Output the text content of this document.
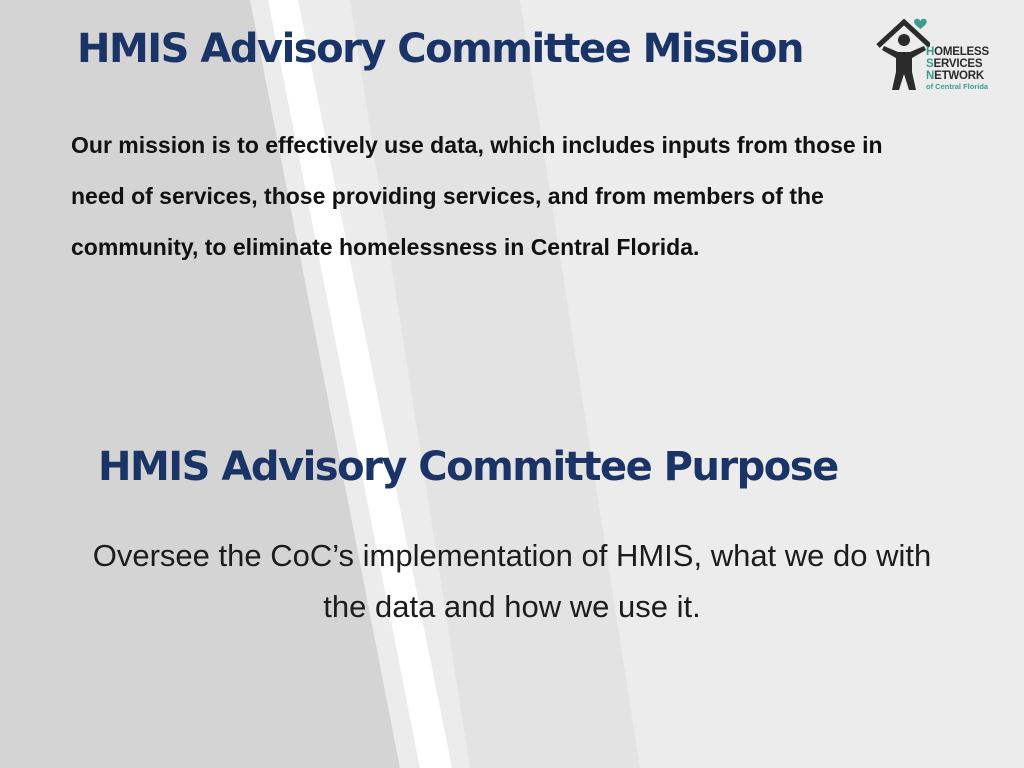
HMIS Advisory Committee Mission

Our mission is to effectively use data, which includes inputs from those in need of services, those providing services, and from members of the community, to eliminate homelessness in Central Florida.

HMIS Advisory Committee Purpose

Oversee the CoC’s implementation of HMIS, what we do with the data and how we use it.

HOMELESS
SERVICES
NETWORK
of Central Florida
